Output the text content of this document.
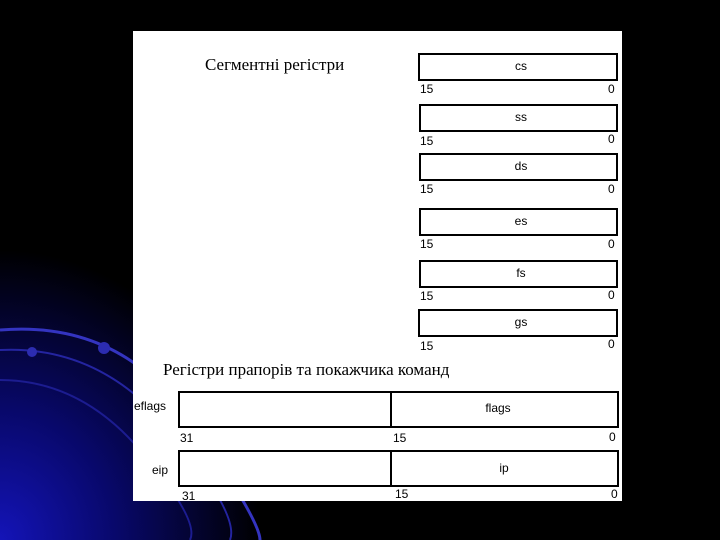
Сегментні регістри	cs
15	0
ss
15	0
ds
15	0
es
15	0
fs
15	0
gs
15	0
Регістри прапорів та покажчика команд
eflags	flags
31	15	0
eip	ip
31	15	0
